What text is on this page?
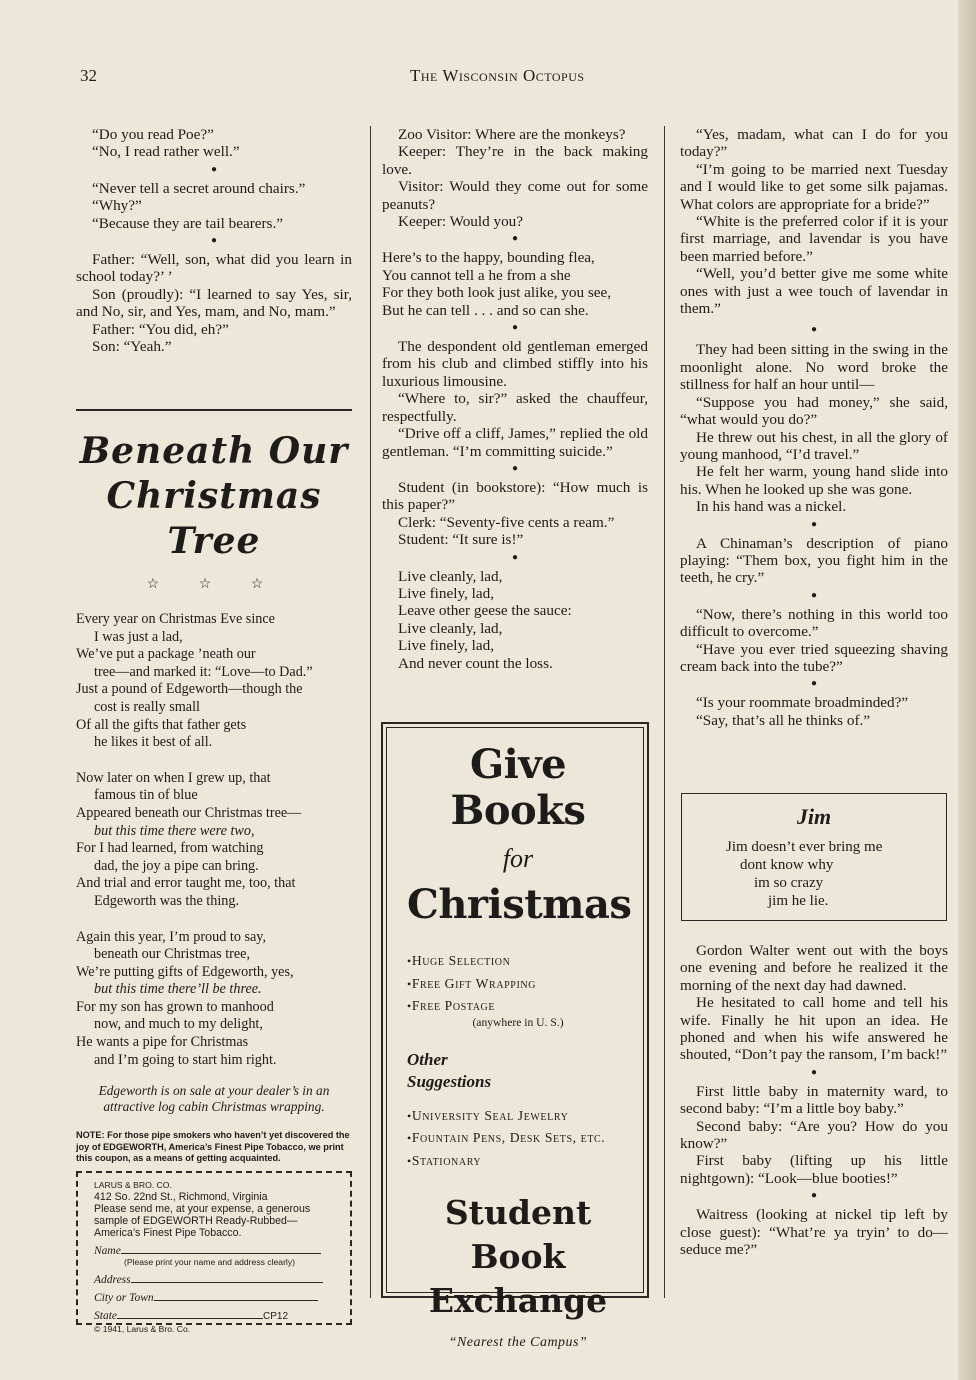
32	The Wisconsin Octopus

“Do you read Poe?”

“No, I read rather well.”

●

“Never tell a secret around chairs.”

“Why?”

“Because they are tail bearers.”

●

Father: “Well, son, what did you learn in school today?’ ’

Son (proudly): “I learned to say Yes, sir, and No, sir, and Yes, mam, and No, mam.”

Father: “You did, eh?”

Son: “Yeah.”

Beneath Our
Christmas Tree
☆ ☆ ☆

Every year on Christmas Eve since

I was just a lad,

We’ve put a package ’neath our

tree—and marked it: “Love—to Dad.”

Just a pound of Edgeworth—though the

cost is really small

Of all the gifts that father gets

he likes it best of all.

Now later on when I grew up, that

famous tin of blue

Appeared beneath our Christmas tree—

but this time there were two,

For I had learned, from watching

dad, the joy a pipe can bring.

And trial and error taught me, too, that

Edgeworth was the thing.

Again this year, I’m proud to say,

beneath our Christmas tree,

We’re putting gifts of Edgeworth, yes,

but this time there’ll be three.

For my son has grown to manhood

now, and much to my delight,

He wants a pipe for Christmas

and I’m going to start him right.

Edgeworth is on sale at your dealer’s in an attractive log cabin Christmas wrapping.
NOTE: For those pipe smokers who haven’t yet discovered the joy of EDGEWORTH, America’s Finest Pipe Tobacco, we print this coupon, as a means of getting acquainted.
LARUS & BRO. CO.
412 So. 22nd St., Richmond, Virginia
Please send me, at your expense, a generous sample of EDGEWORTH Ready-Rubbed—America’s Finest Pipe Tobacco.
Name
(Please print your name and address clearly)
Address
City or Town
State	CP12
© 1941, Larus & Bro. Co.

Zoo Visitor: Where are the monkeys?

Keeper: They’re in the back making love.

Visitor: Would they come out for some peanuts?

Keeper: Would you?

●

Here’s to the happy, bounding flea,

You cannot tell a he from a she

For they both look just alike, you see,

But he can tell . . . and so can she.

●

The despondent old gentleman emerged from his club and climbed stiffly into his luxurious limousine.

“Where to, sir?” asked the chauffeur, respectfully.

“Drive off a cliff, James,” replied the old gentleman. “I’m committing suicide.”

●

Student (in bookstore): “How much is this paper?”

Clerk: “Seventy-five cents a ream.”

Student: “It sure is!”

●

Live cleanly, lad,

Live finely, lad,

Leave other geese the sauce:

Live cleanly, lad,

Live finely, lad,

And never count the loss.

Give Books
for
Christmas
• Huge Selection
• Free Gift Wrapping
• Free Postage
(anywhere in U. S.)
Other Suggestions
• University Seal Jewelry
• Fountain Pens, Desk Sets, etc.
• Stationary
Student Book Exchange
“Nearest the Campus”

“Yes, madam, what can I do for you today?”

“I’m going to be married next Tuesday and I would like to get some silk pajamas. What colors are appropriate for a bride?”

“White is the preferred color if it is your first marriage, and lavendar is you have been married before.”

“Well, you’d better give me some white ones with just a wee touch of lavendar in them.”

●

They had been sitting in the swing in the moonlight alone. No word broke the stillness for half an hour until—

“Suppose you had money,” she said, “what would you do?”

He threw out his chest, in all the glory of young manhood, “I’d travel.”

He felt her warm, young hand slide into his. When he looked up she was gone.

In his hand was a nickel.

●

A Chinaman’s description of piano playing: “Them box, you fight him in the teeth, he cry.”

●

“Now, there’s nothing in this world too difficult to overcome.”

“Have you ever tried squeezing shaving cream back into the tube?”

●

“Is your roommate broadminded?”

“Say, that’s all he thinks of.”

Jim

Jim doesn’t ever bring me

dont know why

im so crazy

jim he lie.

Gordon Walter went out with the boys one evening and before he realized it the morning of the next day had dawned.

He hesitated to call home and tell his wife. Finally he hit upon an idea. He phoned and when his wife answered he shouted, “Don’t pay the ransom, I’m back!”

●

First little baby in maternity ward, to second baby: “I’m a little boy baby.”

Second baby: “Are you? How do you know?”

First baby (lifting up his little nightgown): “Look—blue booties!”

●

Waitress (looking at nickel tip left by close guest): “What’re ya tryin’ to do—seduce me?”
